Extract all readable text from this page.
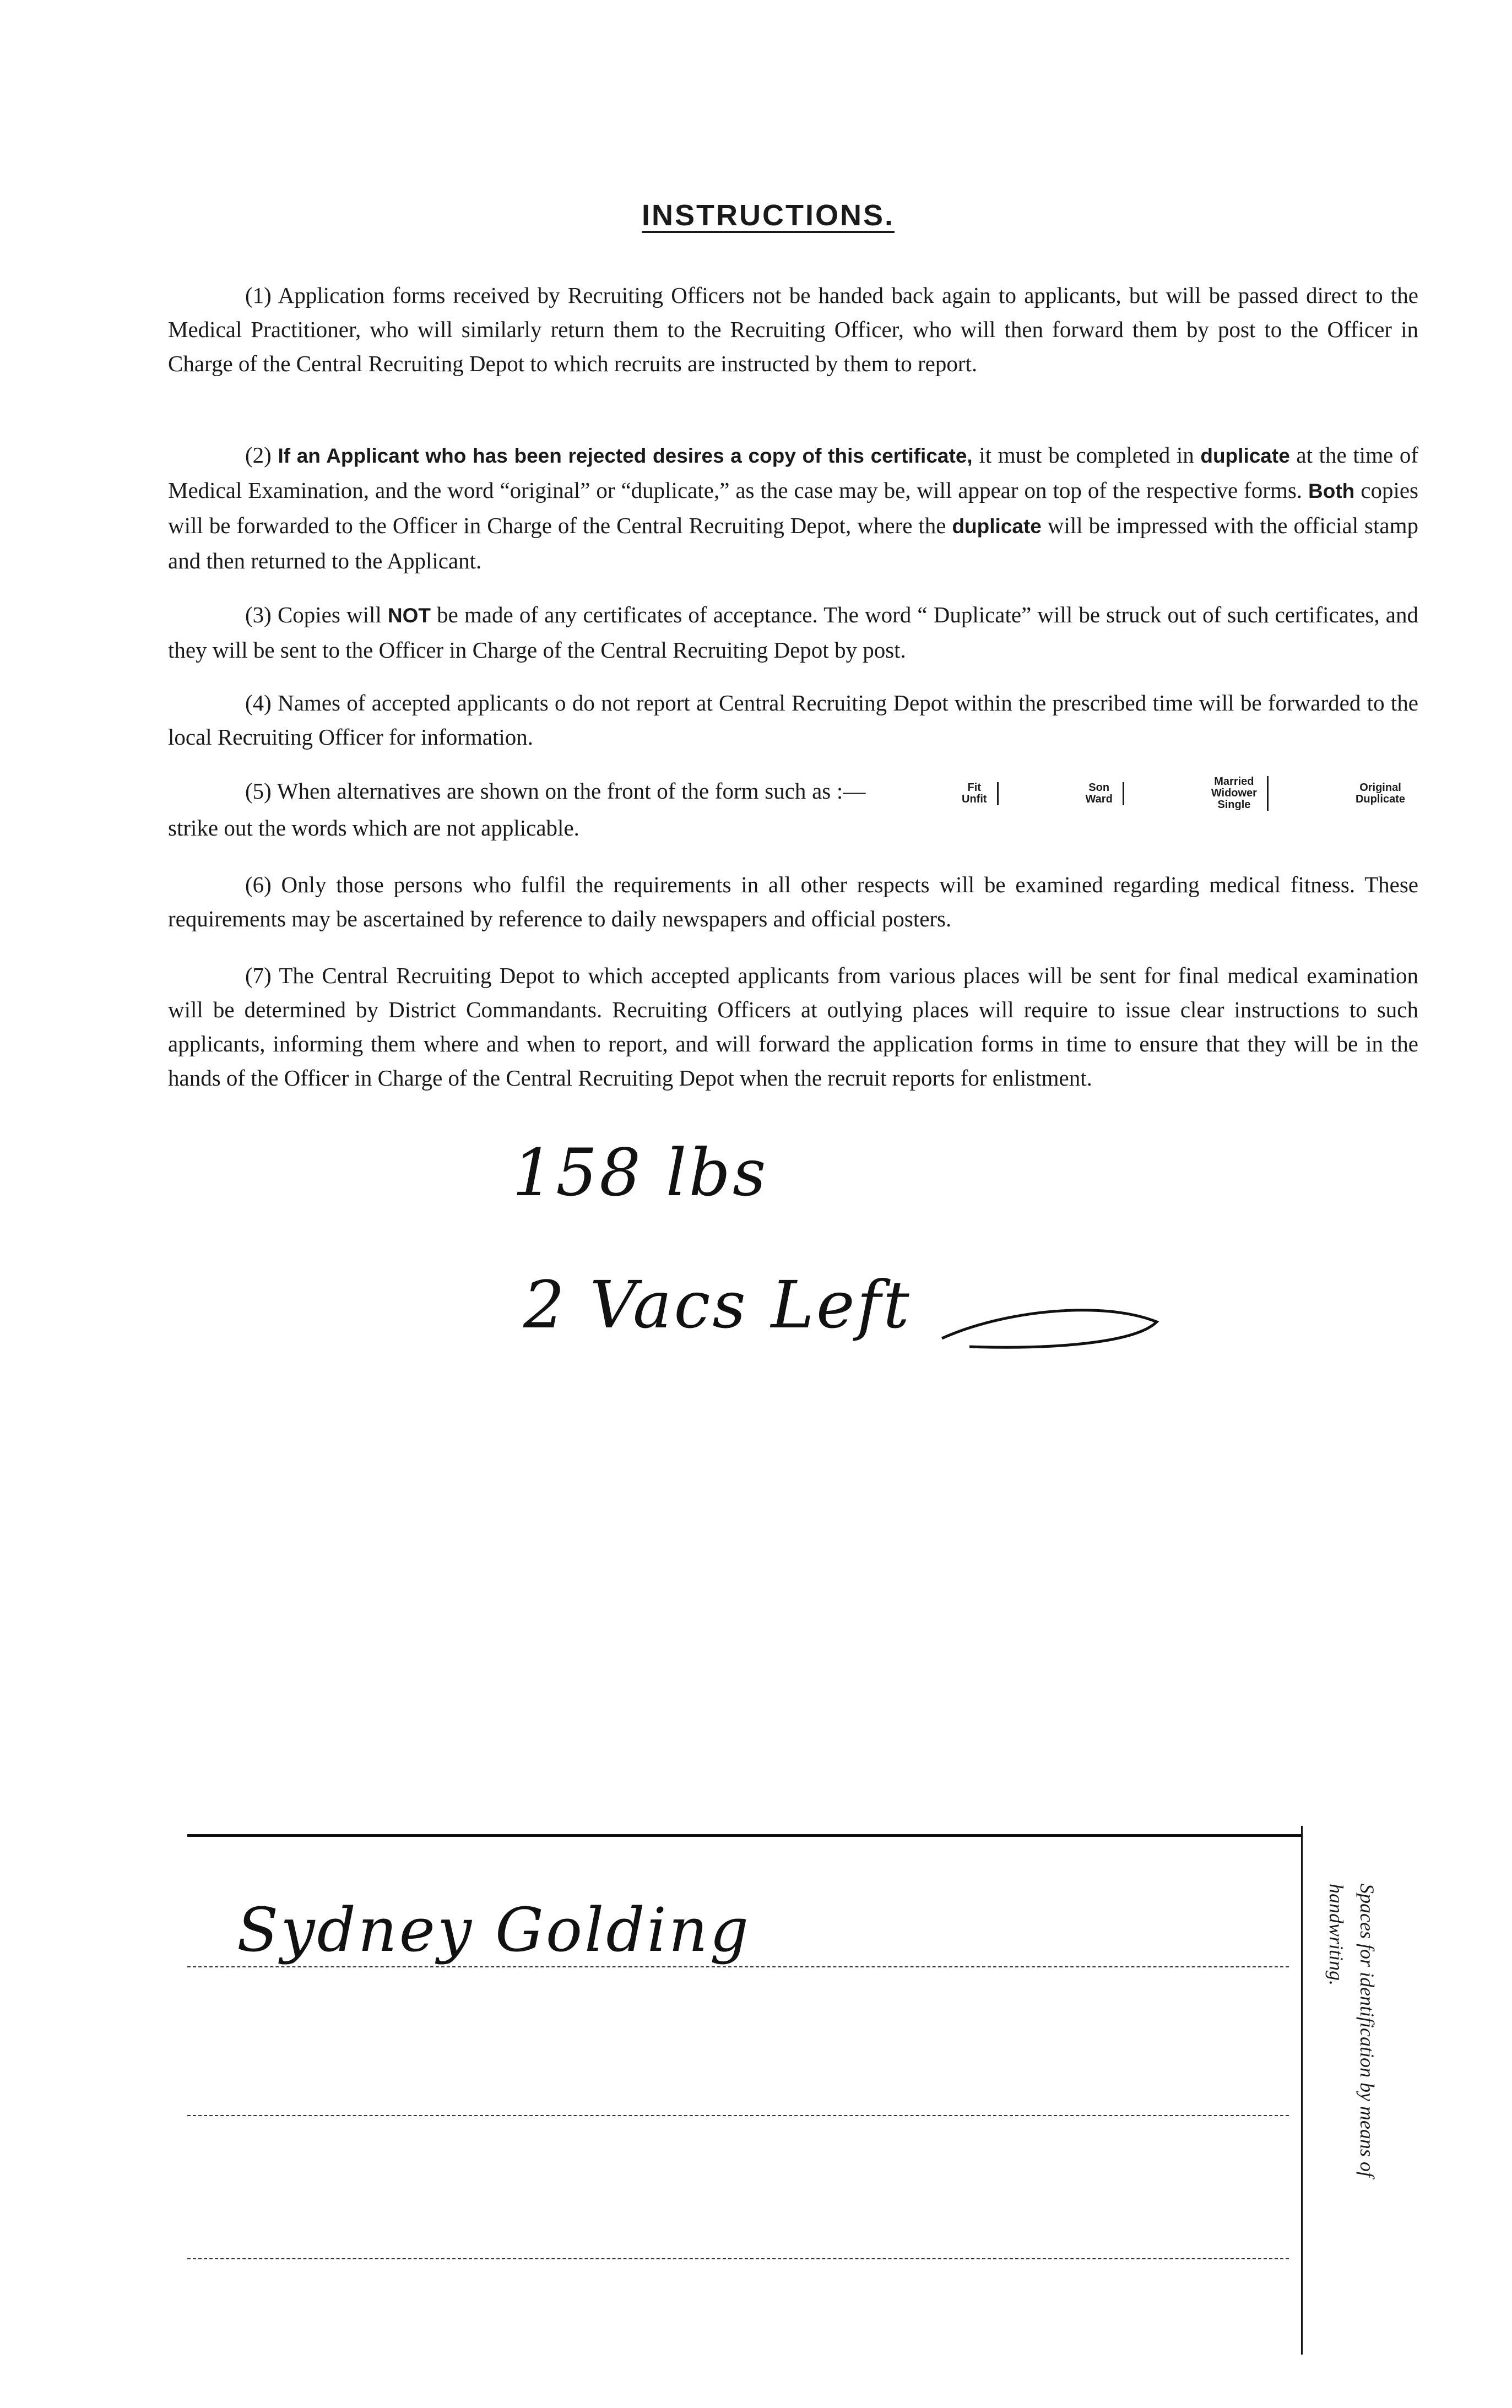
INSTRUCTIONS.

(1) Application forms received by Recruiting Officers not be handed back again to applicants, but will be passed direct to the Medical Practitioner, who will similarly return them to the Recruiting Officer, who will then forward them by post to the Officer in Charge of the Central Recruiting Depot to which recruits are instructed by them to report.

(2) If an Applicant who has been rejected desires a copy of this certificate, it must be completed in duplicate at the time of Medical Examination, and the word “original” or “duplicate,” as the case may be, will appear on top of the respective forms. Both copies will be forwarded to the Officer in Charge of the Central Recruiting Depot, where the duplicate will be impressed with the official stamp and then returned to the Applicant.

(3) Copies will NOT be made of any certificates of acceptance. The word “ Duplicate” will be struck out of such certificates, and they will be sent to the Officer in Charge of the Central Recruiting Depot by post.

(4) Names of accepted applicants o do not report at Central Recruiting Depot within the prescribed time will be forwarded to the local Recruiting Officer for information.

(5) When alternatives are shown on the front of the form such as :—	Fit
Unfit
Son
Ward
Married
Widower
Single
Original
Duplicate
strike out the words which are not applicable.

(6) Only those persons who fulfil the requirements in all other respects will be examined regarding medical fitness. These requirements may be ascertained by reference to daily newspapers and official posters.

(7) The Central Recruiting Depot to which accepted applicants from various places will be sent for final medical examination will be determined by District Commandants. Recruiting Officers at outlying places will require to issue clear instructions to such applicants, informing them where and when to report, and will forward the application forms in time to ensure that they will be in the hands of the Officer in Charge of the Central Recruiting Depot when the recruit reports for enlistment.

158 lbs
2 Vacs Left
Sydney Golding	Spaces for identification by means of handwriting.
